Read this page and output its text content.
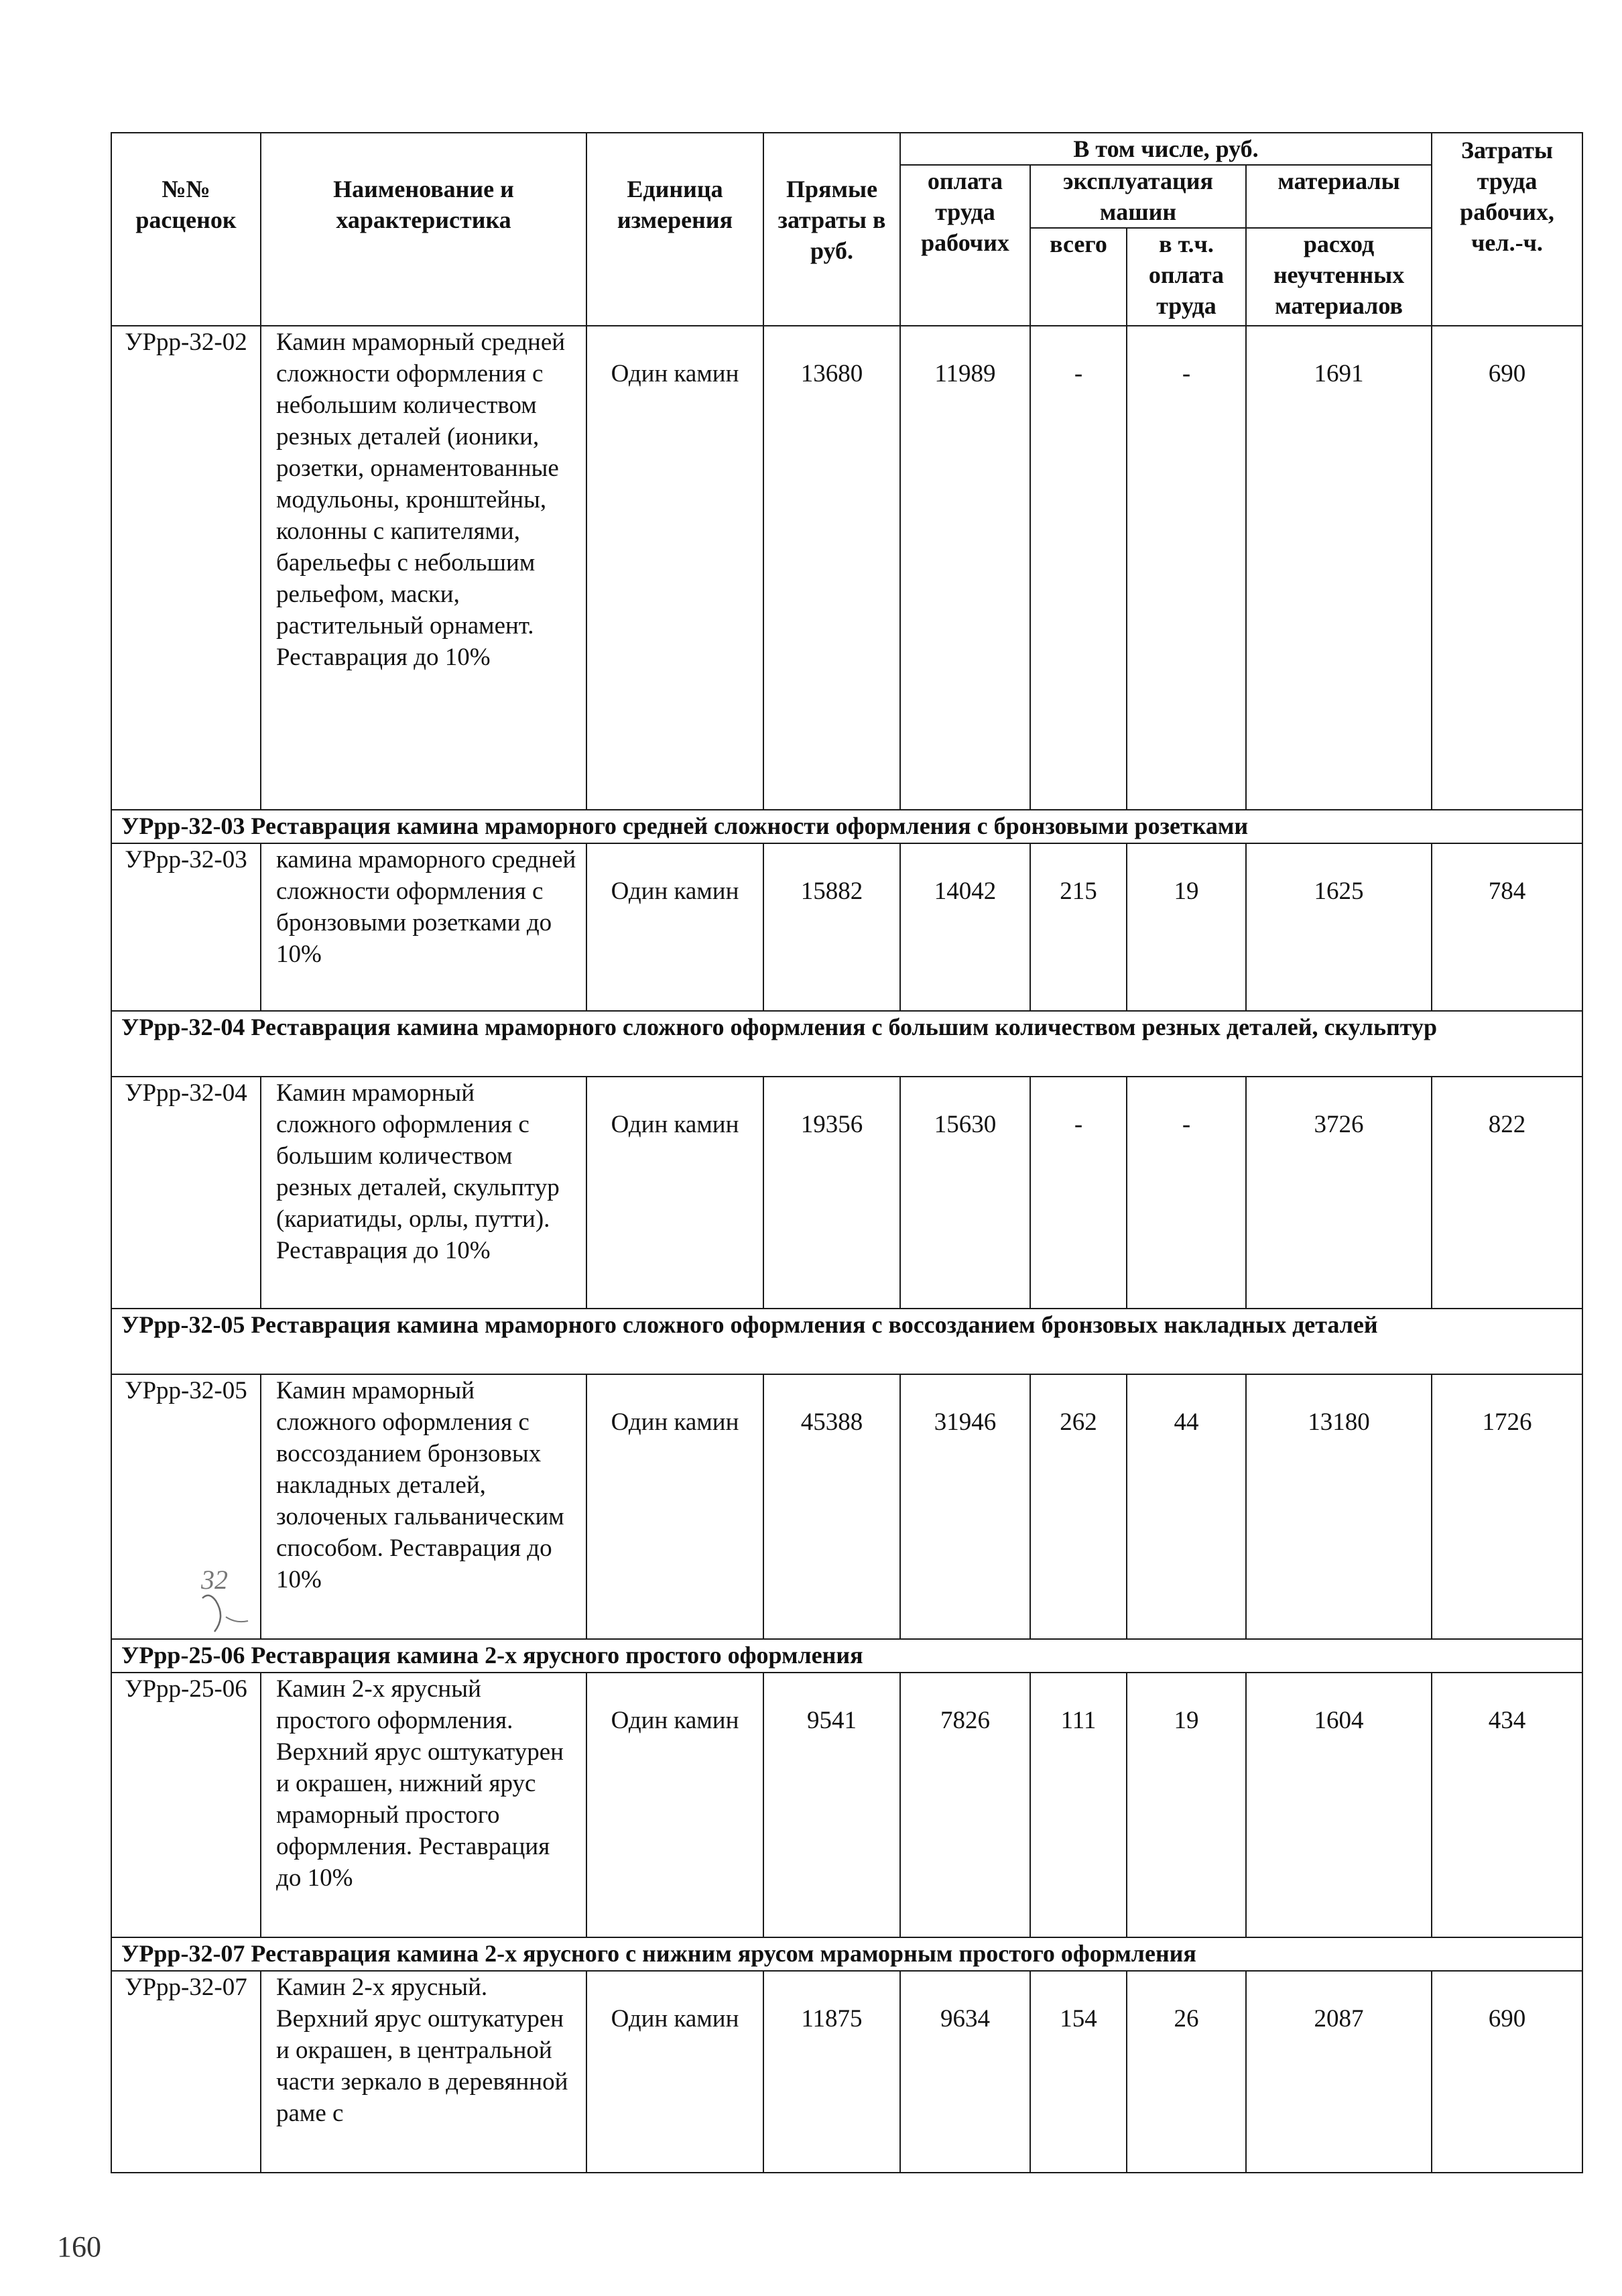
№№ расценок	Наименование и характеристика	Единица измерения	Прямые затраты в руб.	В том числе, руб.				Затраты труда рабочих, чел.-ч.
				оплата труда рабочих	эксплуатация машин		материалы	
					всего	в т.ч. оплата труда	расход неучтенных материалов	
УРрр-32-02	Камин мраморный средней сложности оформления с небольшим количеством резных деталей (ионики, розетки, орнаментованные модульоны, кронштейны, колонны с капителями, барельефы с небольшим рельефом, маски, растительный орнамент. Реставрация до 10%	Один камин	13680	11989	-	-	1691	690
УРрр-32-03 Реставрация камина мраморного средней сложности оформления с бронзовыми розетками								
УРрр-32-03	камина мраморного средней сложности оформления с бронзовыми розетками до 10%	Один камин	15882	14042	215	19	1625	784
УРрр-32-04 Реставрация камина мраморного сложного оформления с большим количеством резных деталей, скульптур								
УРрр-32-04	Камин мраморный сложного оформления с большим количеством резных деталей, скульптур (кариатиды, орлы, путти). Реставрация до 10%	Один камин	19356	15630	-	-	3726	822
УРрр-32-05 Реставрация камина мраморного сложного оформления с воссозданием бронзовых накладных деталей								
УРрр-32-05	Камин мраморный сложного оформления с воссозданием бронзовых накладных деталей, золоченых гальваническим способом. Реставрация до 10%	Один камин	45388	31946	262	44	13180	1726
УРрр-25-06 Реставрация камина 2-х ярусного простого оформления								
УРрр-25-06	Камин 2-х ярусный простого оформления. Верхний ярус оштукатурен и окрашен, нижний ярус мраморный простого оформления. Реставрация до 10%	Один камин	9541	7826	111	19	1604	434
УРрр-32-07 Реставрация камина 2-х ярусного с нижним ярусом мраморным простого оформления								
УРрр-32-07	Камин 2-х ярусный. Верхний ярус оштукатурен и окрашен, в центральной части зеркало в деревянной раме с	Один камин	11875	9634	154	26	2087	690
32
160
